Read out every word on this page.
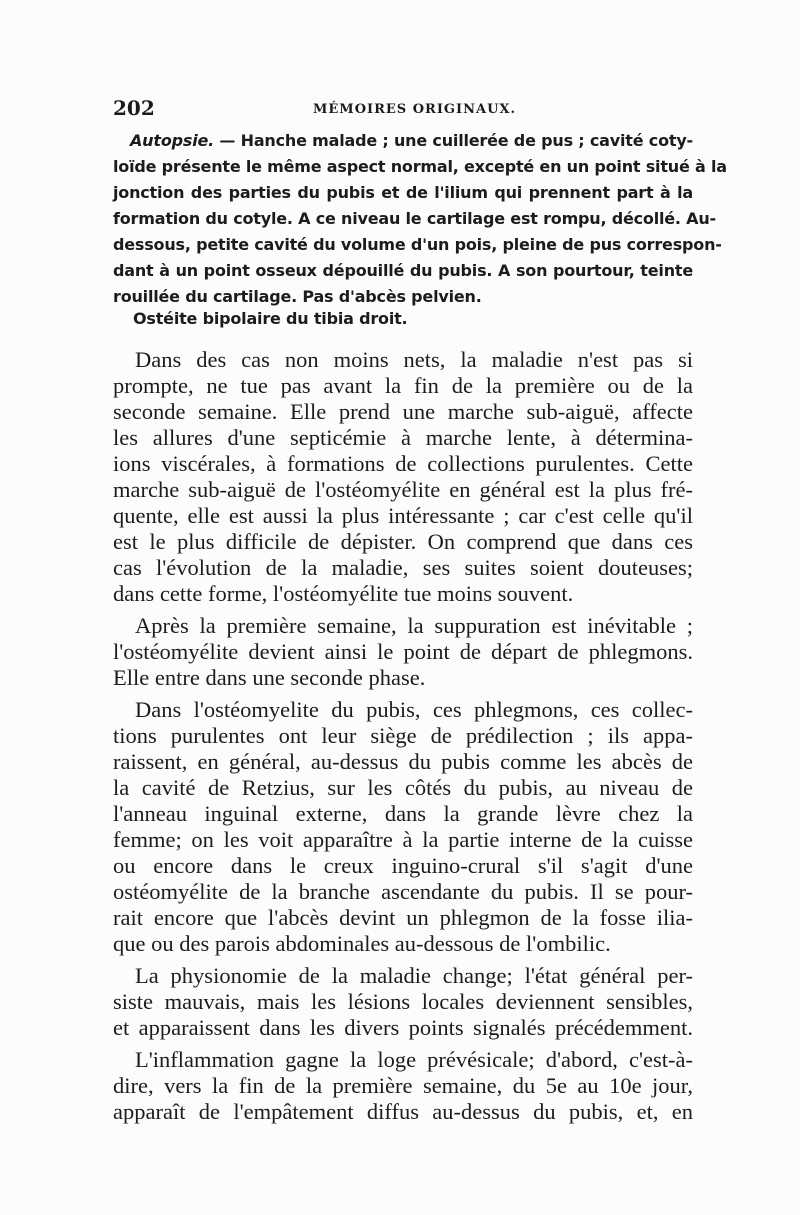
202	MÉMOIRES ORIGINAUX.
Autopsie. — Hanche malade ; une cuillerée de pus ; cavité coty-
loïde présente le même aspect normal, excepté en un point situé à la
jonction des parties du pubis et de l'ilium qui prennent part à la
formation du cotyle. A ce niveau le cartilage est rompu, décollé. Au-
dessous, petite cavité du volume d'un pois, pleine de pus correspon-
dant à un point osseux dépouillé du pubis. A son pourtour, teinte
rouillée du cartilage. Pas d'abcès pelvien.
Ostéite bipolaire du tibia droit.
Dans des cas non moins nets, la maladie n'est pas si
prompte, ne tue pas avant la fin de la première ou de la
seconde semaine. Elle prend une marche sub-aiguë, affecte
les allures d'une septicémie à marche lente, à détermina-
ions viscérales, à formations de collections purulentes. Cette
marche sub-aiguë de l'ostéomyélite en général est la plus fré-
quente, elle est aussi la plus intéressante ; car c'est celle qu'il
est le plus difficile de dépister. On comprend que dans ces
cas l'évolution de la maladie, ses suites soient douteuses;
dans cette forme, l'ostéomyélite tue moins souvent.
Après la première semaine, la suppuration est inévitable ;
l'ostéomyélite devient ainsi le point de départ de phlegmons.
Elle entre dans une seconde phase.
Dans l'ostéomyelite du pubis, ces phlegmons, ces collec-
tions purulentes ont leur siège de prédilection ; ils appa-
raissent, en général, au-dessus du pubis comme les abcès de
la cavité de Retzius, sur les côtés du pubis, au niveau de
l'anneau inguinal externe, dans la grande lèvre chez la
femme; on les voit apparaître à la partie interne de la cuisse
ou encore dans le creux inguino-crural s'il s'agit d'une
ostéomyélite de la branche ascendante du pubis. Il se pour-
rait encore que l'abcès devint un phlegmon de la fosse ilia-
que ou des parois abdominales au-dessous de l'ombilic.
La physionomie de la maladie change; l'état général per-
siste mauvais, mais les lésions locales deviennent sensibles,
et apparaissent dans les divers points signalés précédemment.
L'inflammation gagne la loge prévésicale; d'abord, c'est-à-
dire, vers la fin de la première semaine, du 5e au 10e jour,
apparaît de l'empâtement diffus au-dessus du pubis, et, en
